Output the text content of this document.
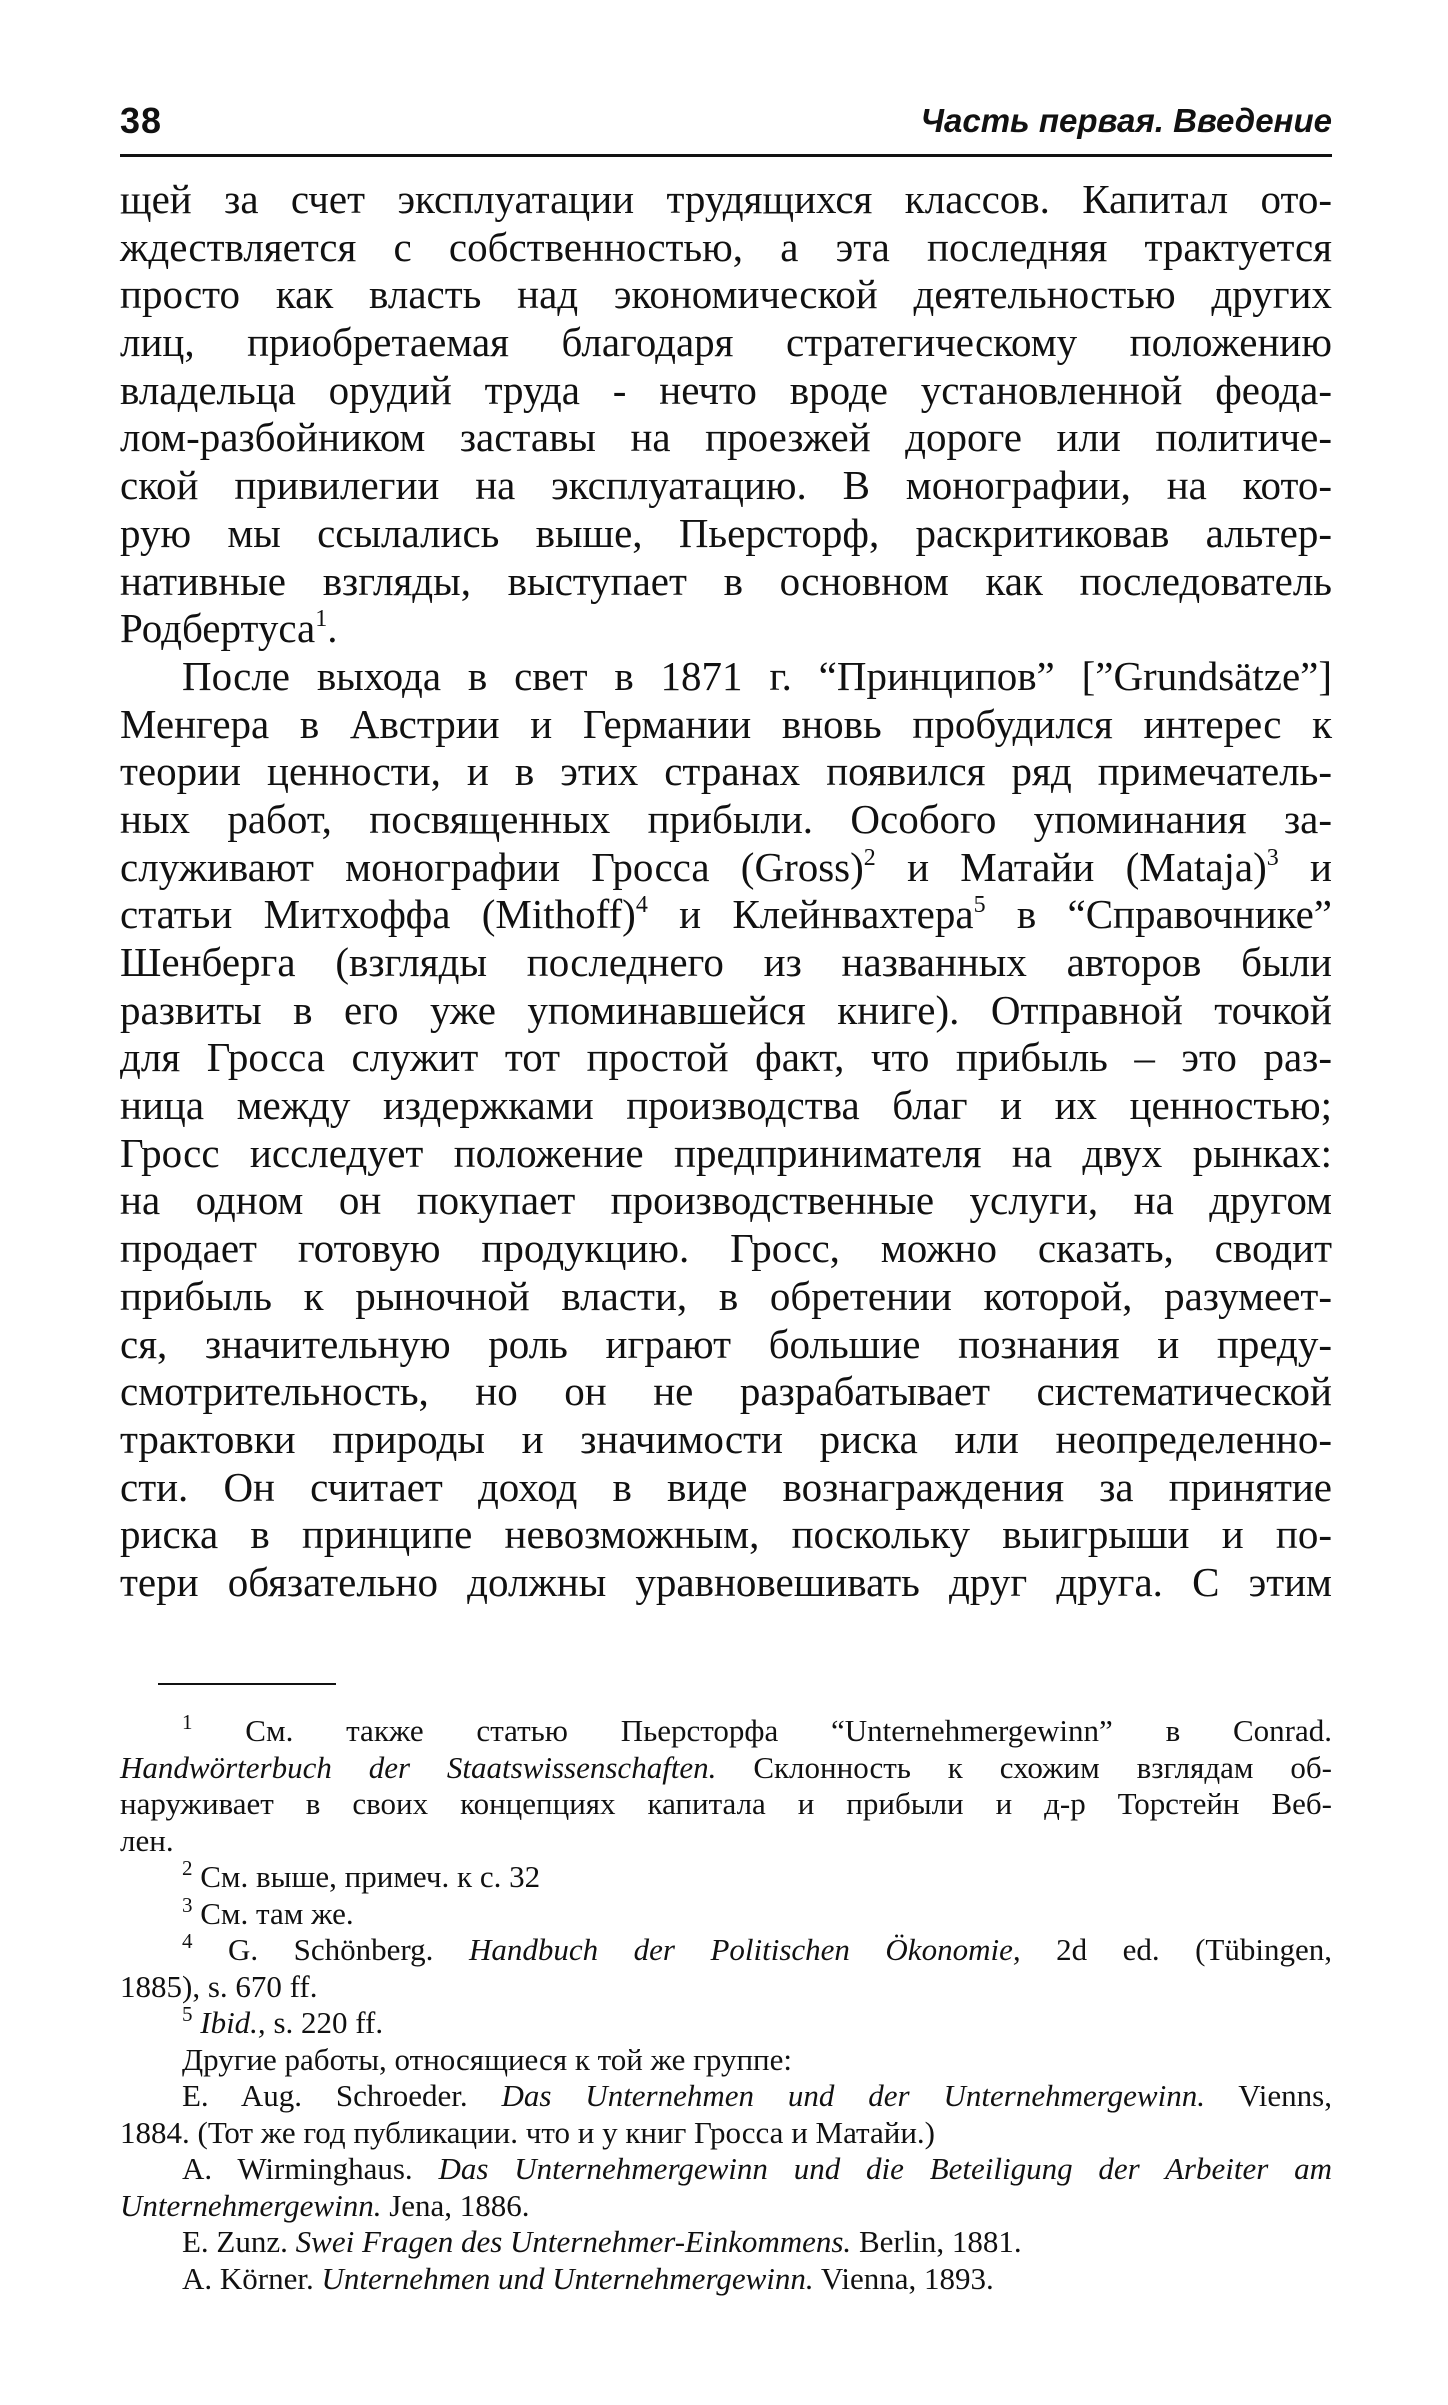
38	Часть первая. Введение
щей за счет эксплуатации трудящихся классов. Капитал ото-
ждествляется с собственностью, а эта последняя трактуется
просто как власть над экономической деятельностью других
лиц, приобретаемая благодаря стратегическому положению
владельца орудий труда - нечто вроде установленной феода-
лом-разбойником заставы на проезжей дороге или политиче-
ской привилегии на эксплуатацию. В монографии, на кото-
рую мы ссылались выше, Пьерсторф, раскритиковав альтер-
нативные взгляды, выступает в основном как последователь
Родбертуса$^1$.
После выхода в свет в 1871 г. “Принципов” [”Grundsätze”]
Менгера в Австрии и Германии вновь пробудился интерес к
теории ценности, и в этих странах появился ряд примечатель-
ных работ, посвященных прибыли. Особого упоминания за-
служивают монографии Гросса (Gross)$^2$ и Матайи (Mataja)$^3$ и
статьи Митхоффа (Mithoff)$^4$ и Клейнвахтера$^5$ в “Справочнике”
Шенберга (взгляды последнего из названных авторов были
развиты в его уже упоминавшейся книге). Отправной точкой
для Гросса служит тот простой факт, что прибыль – это раз-
ница между издержками производства благ и их ценностью;
Гросс исследует положение предпринимателя на двух рынках:
на одном он покупает производственные услуги, на другом
продает готовую продукцию. Гросс, можно сказать, сводит
прибыль к рыночной власти, в обретении которой, разумеет-
ся, значительную роль играют большие познания и преду-
смотрительность, но он не разрабатывает систематической
трактовки природы и значимости риска или неопределенно-
сти. Он считает доход в виде вознаграждения за принятие
риска в принципе невозможным, поскольку выигрыши и по-
тери обязательно должны уравновешивать друг друга. С этим
$^1$ См. также статью Пьерсторфа “Unternehmergewinn” в Conrad.
Handwörterbuch der Staatswissenschaften. Склонность к схожим взглядам об-
наруживает в своих концепциях капитала и прибыли и д-р Торстейн Веб-
лен.
$^2$ См. выше, примеч. к с. 32
$^3$ См. там же.
$^4$ G. Schönberg. Handbuch der Politischen Ökonomie, 2d ed. (Tübingen,
1885), s. 670 ff.
$^5$ Ibid., s. 220 ff.
Другие работы, относящиеся к той же группе:
E. Aug. Schroeder. Das Unternehmen und der Unternehmergewinn. Vienns,
1884. (Тот же год публикации. что и у книг Гросса и Матайи.)
A. Wirminghaus. Das Unternehmergewinn und die Beteiligung der Arbeiter am
Unternehmergewinn. Jena, 1886.
E. Zunz. Swei Fragen des Unternehmer-Einkommens. Berlin, 1881.
A. Körner. Unternehmen und Unternehmergewinn. Vienna, 1893.
